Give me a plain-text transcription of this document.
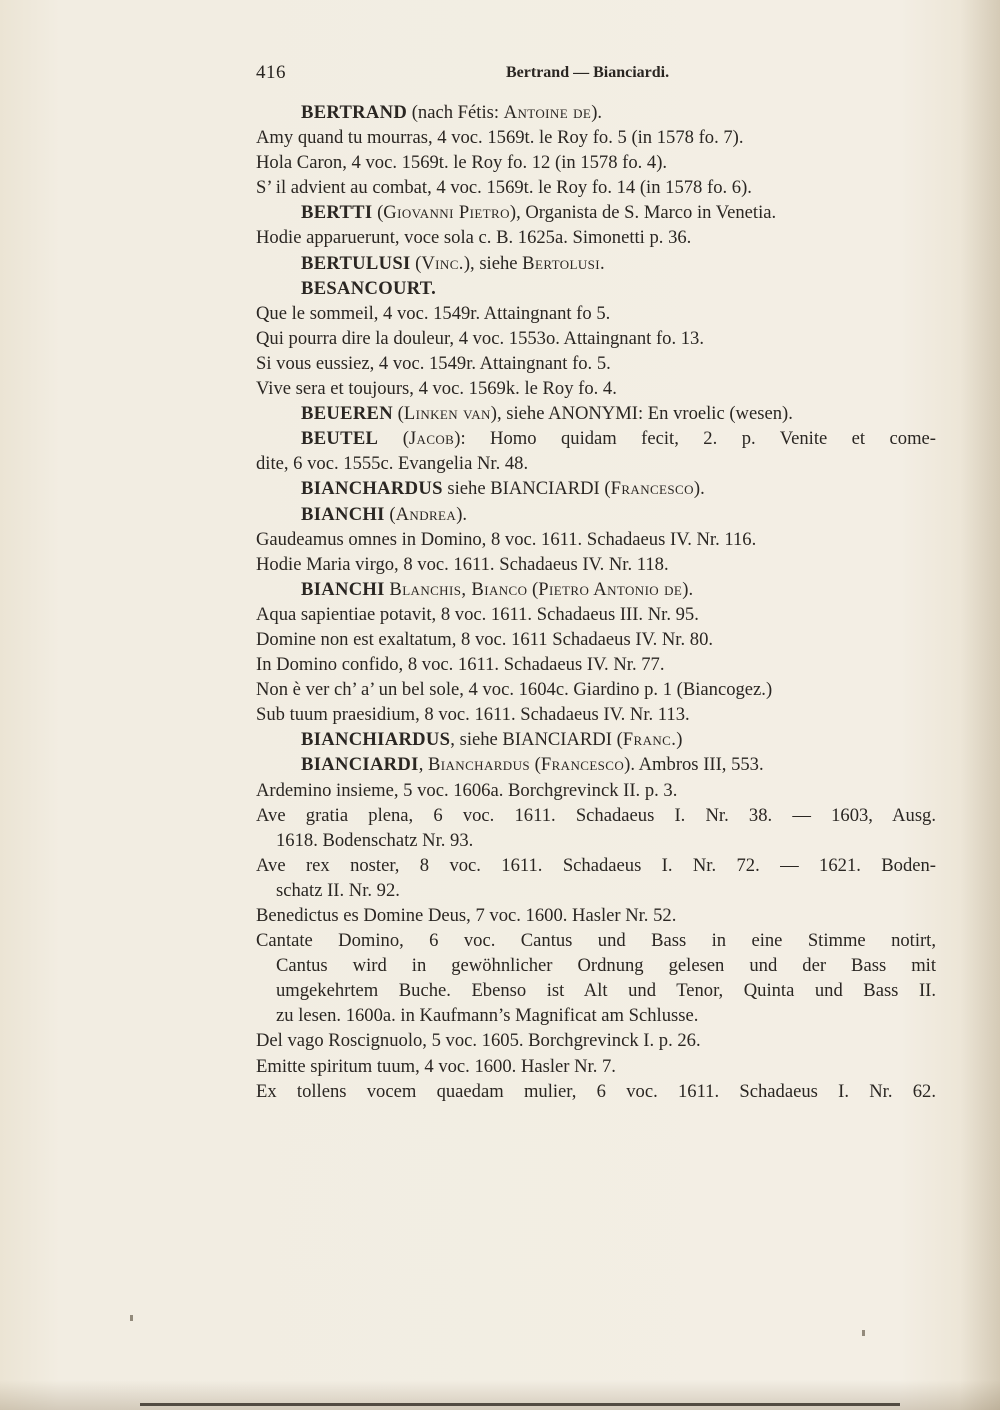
416	Bertrand — Bianciardi.
BERTRAND (nach Fétis: Antoine de).
Amy quand tu mourras, 4 voc. 1569t. le Roy fo. 5 (in 1578 fo. 7).
Hola Caron, 4 voc. 1569t. le Roy fo. 12 (in 1578 fo. 4).
S’ il advient au combat, 4 voc. 1569t. le Roy fo. 14 (in 1578 fo. 6).
BERTTI (Giovanni Pietro), Organista de S. Marco in Venetia.
Hodie apparuerunt, voce sola c. B. 1625a. Simonetti p. 36.
BERTULUSI (Vinc.), siehe Bertolusi.
BESANCOURT.
Que le sommeil, 4 voc. 1549r. Attaingnant fo 5.
Qui pourra dire la douleur, 4 voc. 1553o. Attaingnant fo. 13.
Si vous eussiez, 4 voc. 1549r. Attaingnant fo. 5.
Vive sera et toujours, 4 voc. 1569k. le Roy fo. 4.
BEUEREN (Linken van), siehe ANONYMI: En vroelic (wesen).
BEUTEL (Jacob): Homo quidam fecit, 2. p. Venite et come-
dite, 6 voc. 1555c. Evangelia Nr. 48.
BIANCHARDUS siehe BIANCIARDI (Francesco).
BIANCHI (Andrea).
Gaudeamus omnes in Domino, 8 voc. 1611. Schadaeus IV. Nr. 116.
Hodie Maria virgo, 8 voc. 1611. Schadaeus IV. Nr. 118.
BIANCHI Blanchis, Bianco (Pietro Antonio de).
Aqua sapientiae potavit, 8 voc. 1611. Schadaeus III. Nr. 95.
Domine non est exaltatum, 8 voc. 1611 Schadaeus IV. Nr. 80.
In Domino confido, 8 voc. 1611. Schadaeus IV. Nr. 77.
Non è ver ch’ a’ un bel sole, 4 voc. 1604c. Giardino p. 1 (Biancogez.)
Sub tuum praesidium, 8 voc. 1611. Schadaeus IV. Nr. 113.
BIANCHIARDUS, siehe BIANCIARDI (Franc.)
BIANCIARDI, Bianchardus (Francesco). Ambros III, 553.
Ardemino insieme, 5 voc. 1606a. Borchgrevinck II. p. 3.
Ave gratia plena, 6 voc. 1611. Schadaeus I. Nr. 38. — 1603, Ausg.
1618. Bodenschatz Nr. 93.
Ave rex noster, 8 voc. 1611. Schadaeus I. Nr. 72. — 1621. Boden-
schatz II. Nr. 92.
Benedictus es Domine Deus, 7 voc. 1600. Hasler Nr. 52.
Cantate Domino, 6 voc. Cantus und Bass in eine Stimme notirt,
Cantus wird in gewöhnlicher Ordnung gelesen und der Bass mit
umgekehrtem Buche. Ebenso ist Alt und Tenor, Quinta und Bass II.
zu lesen. 1600a. in Kaufmann’s Magnificat am Schlusse.
Del vago Roscignuolo, 5 voc. 1605. Borchgrevinck I. p. 26.
Emitte spiritum tuum, 4 voc. 1600. Hasler Nr. 7.
Ex tollens vocem quaedam mulier, 6 voc. 1611. Schadaeus I. Nr. 62.
